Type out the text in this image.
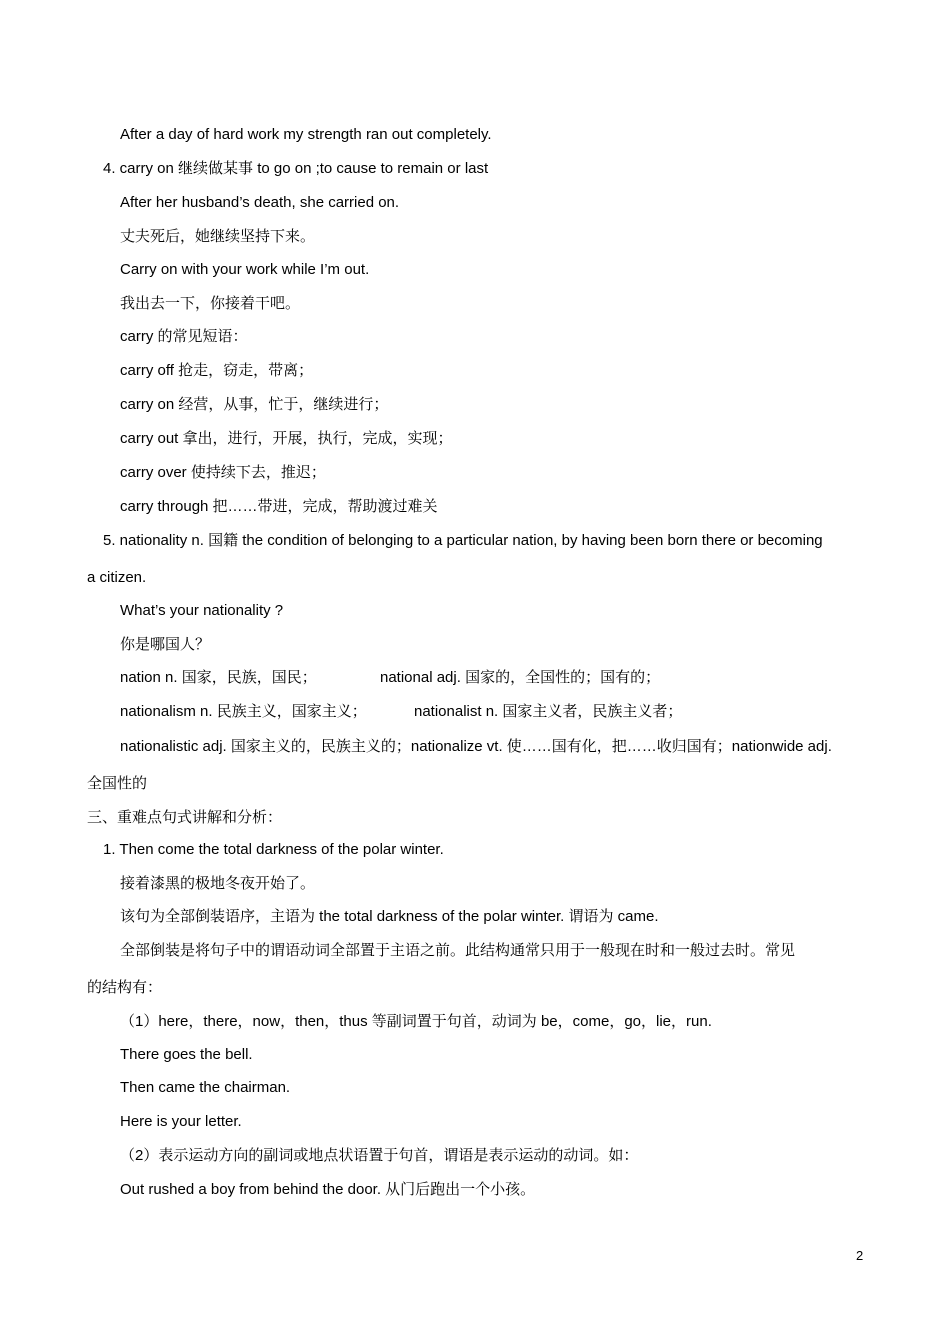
After a day of hard work my strength ran out completely.
4. carry on 继续做某事 to go on ;to cause to remain or last
After her husband’s death, she carried on.
丈夫死后，她继续坚持下来。
Carry on with your work while I’m out.
我出去一下，你接着干吧。
carry 的常见短语：
carry off 抢走，窃走，带离；
carry on 经营，从事，忙于，继续进行；
carry out 拿出，进行，开展，执行，完成，实现；
carry over 使持续下去，推迟；
carry through 把……带进，完成，帮助渡过难关
5. nationality n. 国籍 the condition of belonging to a particular nation, by having been born there or becoming
a citizen.
What’s your nationality ?
你是哪国人？
nation n. 国家，民族，国民；	national adj. 国家的，全国性的；国有的；
nationalism n. 民族主义，国家主义；	nationalist n. 国家主义者，民族主义者；
nationalistic adj. 国家主义的，民族主义的；nationalize vt. 使……国有化，把……收归国有；nationwide adj.
全国性的
三、重难点句式讲解和分析：
1. Then come the total darkness of the polar winter.
接着漆黑的极地冬夜开始了。
该句为全部倒装语序，主语为 the total darkness of the polar winter. 谓语为 came.
全部倒装是将句子中的谓语动词全部置于主语之前。此结构通常只用于一般现在时和一般过去时。常见
的结构有：
（1）here，there，now，then，thus 等副词置于句首，动词为 be，come，go，lie，run.
There goes the bell.
Then came the chairman.
Here is your letter.
（2）表示运动方向的副词或地点状语置于句首，谓语是表示运动的动词。如：
Out rushed a boy from behind the door. 从门后跑出一个小孩。
2
